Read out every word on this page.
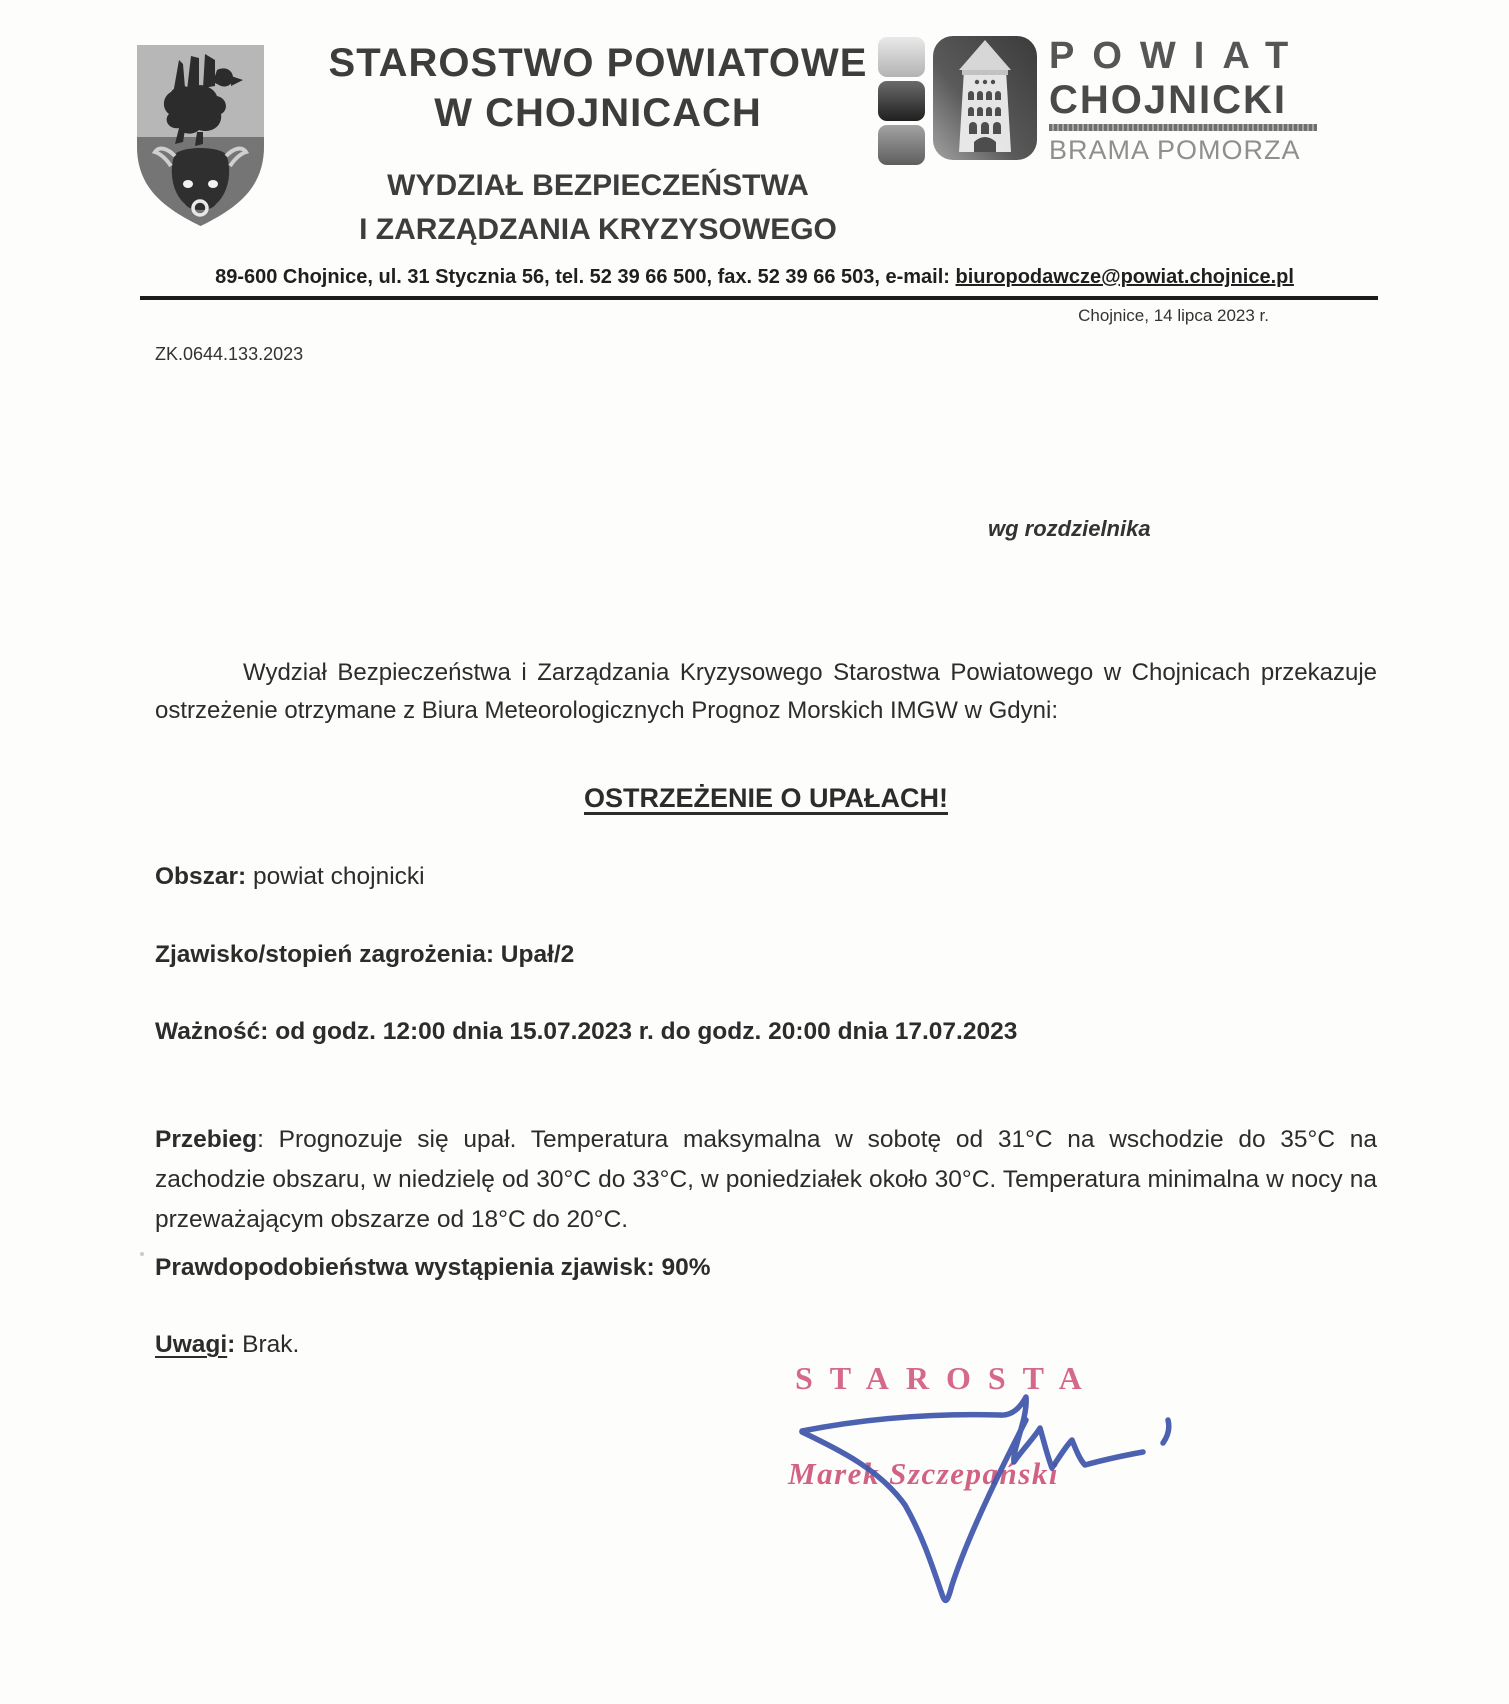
STAROSTWO POWIATOWE
W CHOJNICACH
WYDZIAŁ BEZPIECZEŃSTWA
I ZARZĄDZANIA KRYZYSOWEGO
POWIAT
CHOJNICKI
BRAMA POMORZA
89-600 Chojnice, ul. 31 Stycznia 56, tel. 52 39 66 500, fax. 52 39 66 503, e-mail: biuropodawcze@powiat.chojnice.pl
Chojnice, 14 lipca 2023 r.
ZK.0644.133.2023
wg rozdzielnika

Wydział Bezpieczeństwa i Zarządzania Kryzysowego Starostwa Powiatowego w Chojnicach przekazuje ostrzeżenie otrzymane z Biura Meteorologicznych Prognoz Morskich IMGW w Gdyni:

OSTRZEŻENIE O UPAŁACH!
Obszar: powiat chojnicki
Zjawisko/stopień zagrożenia: Upał/2
Ważność: od godz. 12:00 dnia 15.07.2023 r. do godz. 20:00 dnia 17.07.2023

Przebieg: Prognozuje się upał. Temperatura maksymalna w sobotę od 31°C na wschodzie do 35°C na zachodzie obszaru, w niedzielę od 30°C do 33°C, w poniedziałek około 30°C. Temperatura minimalna w nocy na przeważającym obszarze od 18°C do 20°C.

Prawdopodobieństwa wystąpienia zjawisk: 90%
Uwagi: Brak.
STAROSTA
Marek Szczepański
